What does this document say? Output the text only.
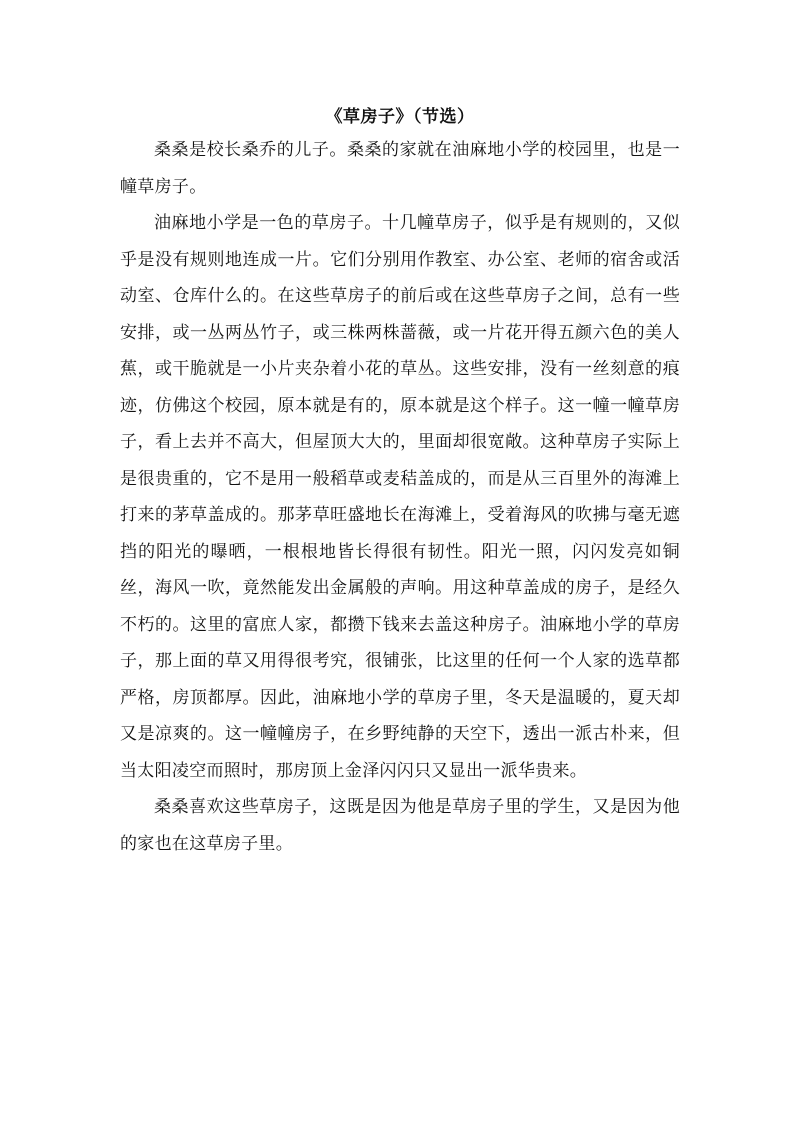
《草房子》（节选）

桑桑是校长桑乔的儿子。桑桑的家就在油麻地小学的校园里，也是一幢草房子。

油麻地小学是一色的草房子。十几幢草房子，似乎是有规则的，又似乎是没有规则地连成一片。它们分别用作教室、办公室、老师的宿舍或活动室、仓库什么的。在这些草房子的前后或在这些草房子之间，总有一些安排，或一丛两丛竹子，或三株两株蔷薇，或一片花开得五颜六色的美人蕉，或干脆就是一小片夹杂着小花的草丛。这些安排，没有一丝刻意的痕迹，仿佛这个校园，原本就是有的，原本就是这个样子。这一幢一幢草房子，看上去并不高大，但屋顶大大的，里面却很宽敞。这种草房子实际上是很贵重的，它不是用一般稻草或麦秸盖成的，而是从三百里外的海滩上打来的茅草盖成的。那茅草旺盛地长在海滩上，受着海风的吹拂与毫无遮挡的阳光的曝晒，一根根地皆长得很有韧性。阳光一照，闪闪发亮如铜丝，海风一吹，竟然能发出金属般的声响。用这种草盖成的房子，是经久不朽的。这里的富庶人家，都攒下钱来去盖这种房子。油麻地小学的草房子，那上面的草又用得很考究，很铺张，比这里的任何一个人家的选草都严格，房顶都厚。因此，油麻地小学的草房子里，冬天是温暖的，夏天却又是凉爽的。这一幢幢房子，在乡野纯静的天空下，透出一派古朴来，但当太阳凌空而照时，那房顶上金泽闪闪只又显出一派华贵来。

桑桑喜欢这些草房子，这既是因为他是草房子里的学生，又是因为他的家也在这草房子里。
